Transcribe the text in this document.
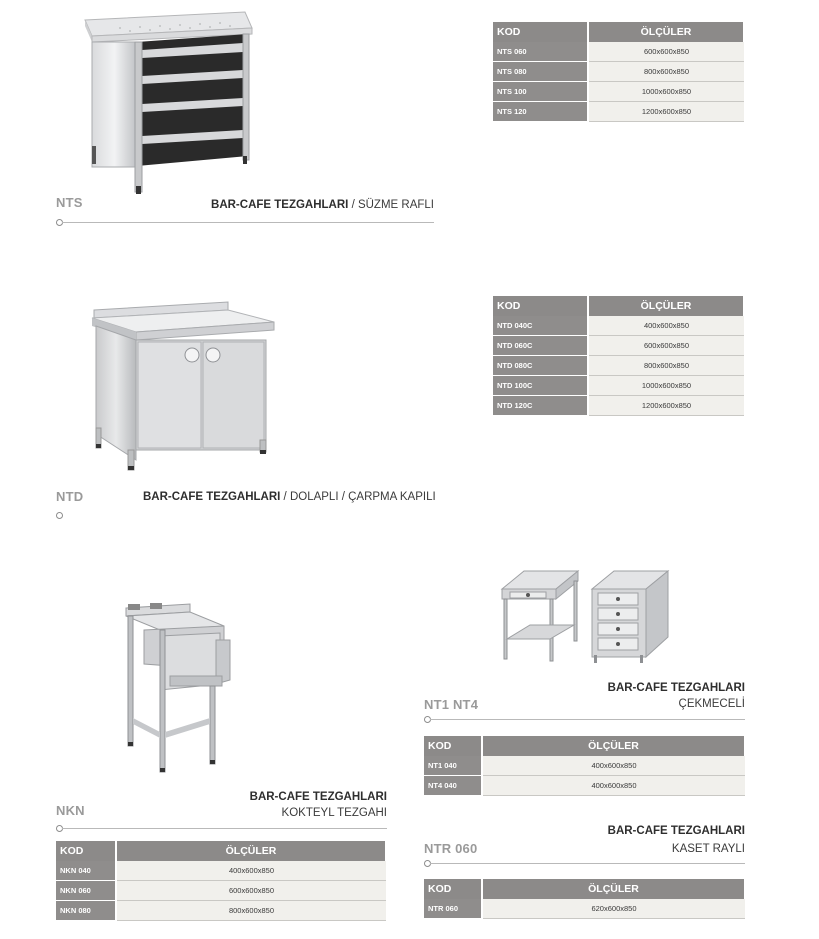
NTS	BAR-CAFE TEZGAHLARI / SÜZME RAFLI
KOD	ÖLÇÜLER
NTS 060	600x600x850
NTS 080	800x600x850
NTS 100	1000x600x850
NTS 120	1200x600x850
NTD	BAR-CAFE TEZGAHLARI / DOLAPLI / ÇARPMA KAPILI
KOD	ÖLÇÜLER
NTD 040C	400x600x850
NTD 060C	600x600x850
NTD 080C	800x600x850
NTD 100C	1000x600x850
NTD 120C	1200x600x850
BAR-CAFE TEZGAHLARI
ÇEKMECELİ
NT1 NT4
KOD	ÖLÇÜLER
NT1 040	400x600x850
NT4 040	400x600x850
BAR-CAFE TEZGAHLARI
KOKTEYL TEZGAHI
NKN
KOD	ÖLÇÜLER
NKN 040	400x600x850
NKN 060	600x600x850
NKN 080	800x600x850
BAR-CAFE TEZGAHLARI
KASET RAYLI
NTR 060
KOD	ÖLÇÜLER
NTR 060	620x600x850
